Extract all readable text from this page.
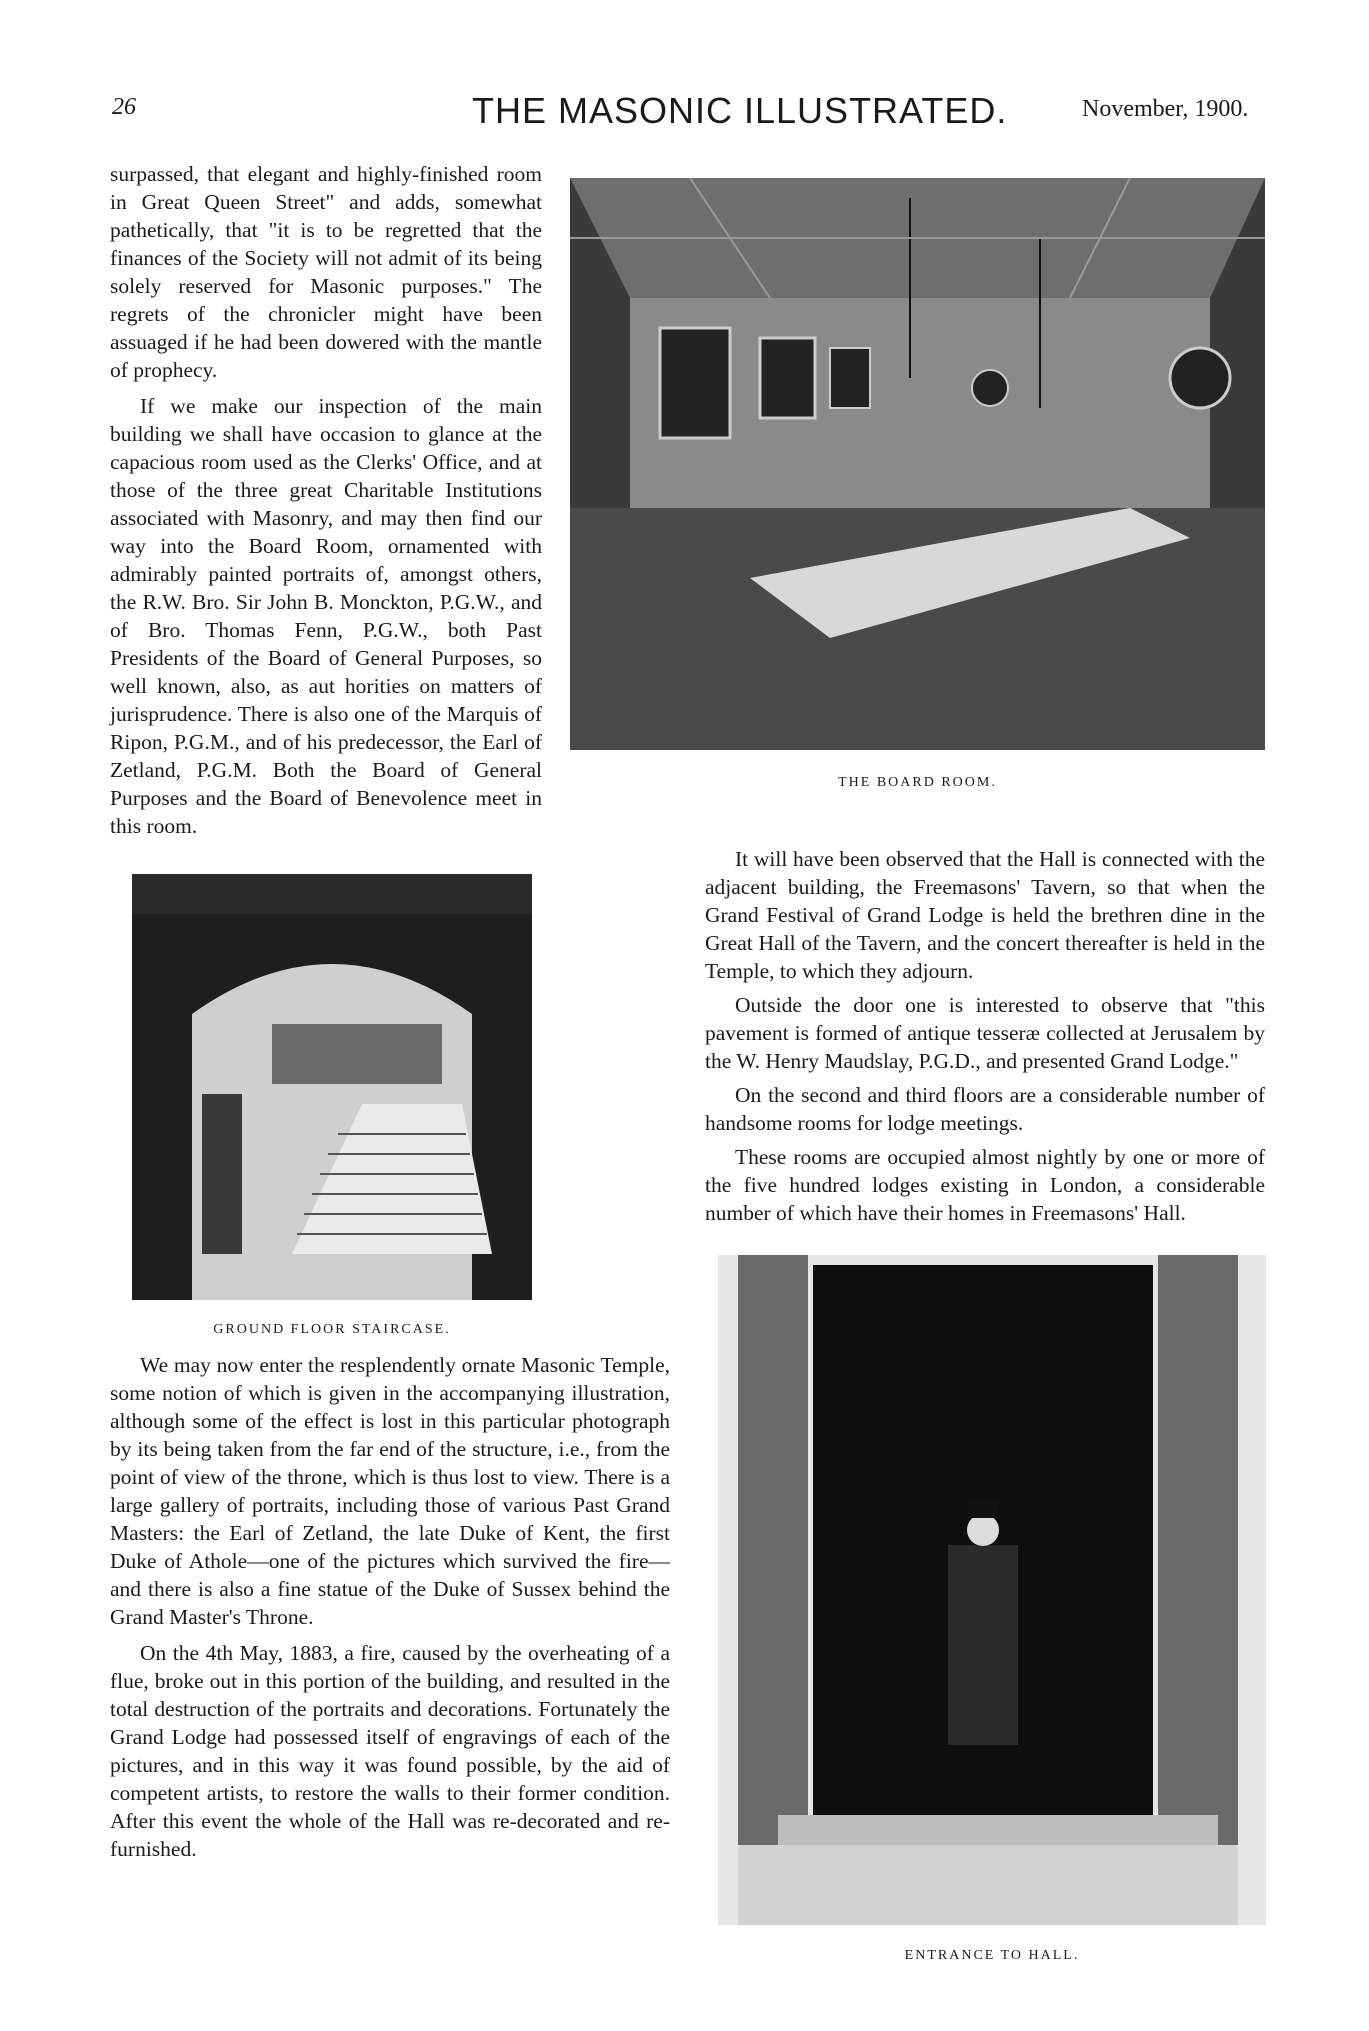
26	THE MASONIC ILLUSTRATED.	November, 1900.

surpassed, that elegant and highly-finished room in Great Queen Street" and adds, somewhat pathetically, that "it is to be regretted that the finances of the Society will not admit of its being solely reserved for Masonic purposes." The regrets of the chronicler might have been assuaged if he had been dowered with the mantle of prophecy.

If we make our inspection of the main building we shall have occasion to glance at the capacious room used as the Clerks' Office, and at those of the three great Charitable Institutions associated with Masonry, and may then find our way into the Board Room, ornamented with admirably painted portraits of, amongst others, the R.W. Bro. Sir John B. Monckton, P.G.W., and of Bro. Thomas Fenn, P.G.W., both Past Presidents of the Board of General Purposes, so well known, also, as aut horities on matters of jurisprudence. There is also one of the Marquis of Ripon, P.G.M., and of his predecessor, the Earl of Zetland, P.G.M. Both the Board of General Purposes and the Board of Benevolence meet in this room.

THE BOARD ROOM.

It will have been observed that the Hall is connected with the adjacent building, the Freemasons' Tavern, so that when the Grand Festival of Grand Lodge is held the brethren dine in the Great Hall of the Tavern, and the concert thereafter is held in the Temple, to which they adjourn.

Outside the door one is interested to observe that "this pavement is formed of antique tesseræ collected at Jerusalem by the W. Henry Maudslay, P.G.D., and presented Grand Lodge."

On the second and third floors are a considerable number of handsome rooms for lodge meetings.

These rooms are occupied almost nightly by one or more of the five hundred lodges existing in London, a considerable number of which have their homes in Freemasons' Hall.

GROUND FLOOR STAIRCASE.

We may now enter the resplendently ornate Masonic Temple, some notion of which is given in the accompanying illustration, although some of the effect is lost in this particular photograph by its being taken from the far end of the structure, i.e., from the point of view of the throne, which is thus lost to view. There is a large gallery of portraits, including those of various Past Grand Masters: the Earl of Zetland, the late Duke of Kent, the first Duke of Athole—one of the pictures which survived the fire—and there is also a fine statue of the Duke of Sussex behind the Grand Master's Throne.

On the 4th May, 1883, a fire, caused by the overheating of a flue, broke out in this portion of the building, and resulted in the total destruction of the portraits and decorations. Fortunately the Grand Lodge had possessed itself of engravings of each of the pictures, and in this way it was found possible, by the aid of competent artists, to restore the walls to their former condition. After this event the whole of the Hall was re-decorated and re-furnished.

ENTRANCE TO HALL.
